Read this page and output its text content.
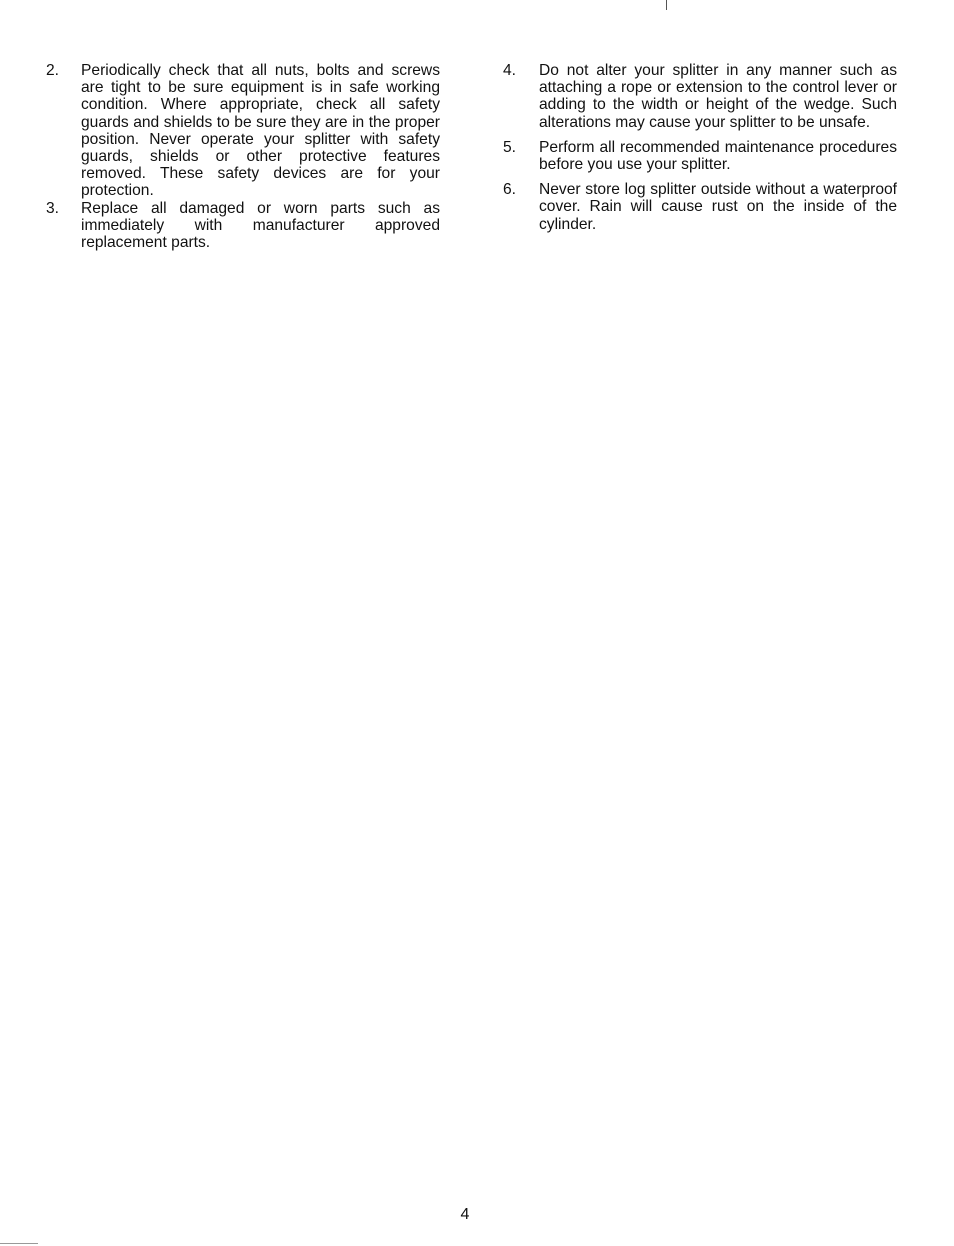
2.	Periodically check that all nuts, bolts and screws are tight to be sure equipment is in safe working condition. Where appropriate, check all safety guards and shields to be sure they are in the proper position. Never operate your splitter with safety guards, shields or other protective features removed. These safety devices are for your protection.
3.	Replace all damaged or worn parts such as immediately with manufacturer approved replacement parts.
4.	Do not alter your splitter in any manner such as attaching a rope or extension to the control lever or adding to the width or height of the wedge. Such alterations may cause your splitter to be unsafe.
5.	Perform all recommended maintenance procedures before you use your splitter.
6.	Never store log splitter outside without a waterproof cover. Rain will cause rust on the inside of the cylinder.
4
